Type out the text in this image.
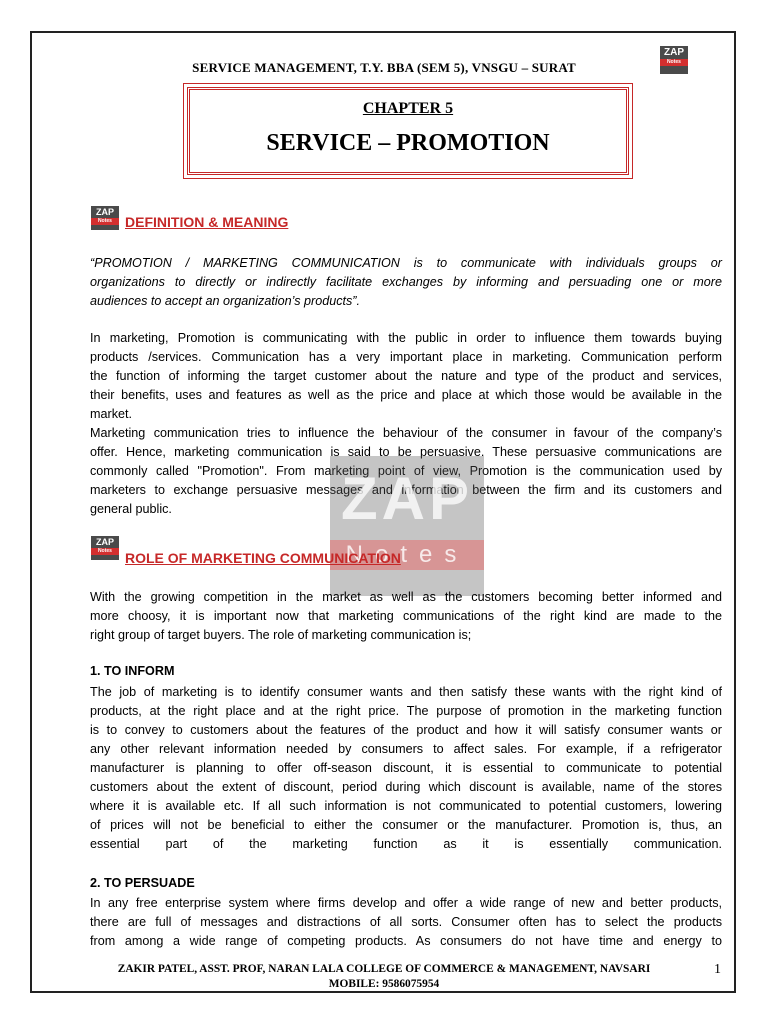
SERVICE MANAGEMENT, T.Y. BBA (SEM 5), VNSGU – SURAT
ZAP
Notes
CHAPTER 5
SERVICE – PROMOTION
ZAP
Notes DEFINITION & MEANING
“PROMOTION / MARKETING COMMUNICATION is to communicate with individuals groups or
organizations to directly or indirectly facilitate exchanges by informing and persuading one or more
audiences to accept an organization’s products”.
In marketing, Promotion is communicating with the public in order to influence them towards buying
products /services. Communication has a very important place in marketing. Communication perform
the function of informing the target customer about the nature and type of the product and services,
their benefits, uses and features as well as the price and place at which those would be available in the
market.
Marketing communication tries to influence the behaviour of the consumer in favour of the company’s
offer. Hence, marketing communication is said to be persuasive. These persuasive communications are
commonly called "Promotion". From marketing point of view, Promotion is the communication used by
marketers to exchange persuasive messages and information between the firm and its customers and
general public.	ZAP
Notes
ZAP
Notes ROLE OF MARKETING COMMUNICATION
With the growing competition in the market as well as the customers becoming better informed and
more choosy, it is important now that marketing communications of the right kind are made to the
right group of target buyers. The role of marketing communication is;
1. TO INFORM
The job of marketing is to identify consumer wants and then satisfy these wants with the right kind of
products, at the right place and at the right price. The purpose of promotion in the marketing function
is to convey to customers about the features of the product and how it will satisfy consumer wants or
any other relevant information needed by consumers to affect sales. For example, if a refrigerator
manufacturer is planning to offer off-season discount, it is essential to communicate to potential
customers about the extent of discount, period during which discount is available, name of the stores
where it is available etc. If all such information is not communicated to potential customers, lowering
of prices will not be beneficial to either the consumer or the manufacturer. Promotion is, thus, an
essential part of the marketing function as it is essentially communication.
2. TO PERSUADE
In any free enterprise system where firms develop and offer a wide range of new and better products,
there are full of messages and distractions of all sorts. Consumer often has to select the products
from among a wide range of competing products. As consumers do not have time and energy to
ZAKIR PATEL, ASST. PROF, NARAN LALA COLLEGE OF COMMERCE & MANAGEMENT, NAVSARI
MOBILE: 9586075954
1
